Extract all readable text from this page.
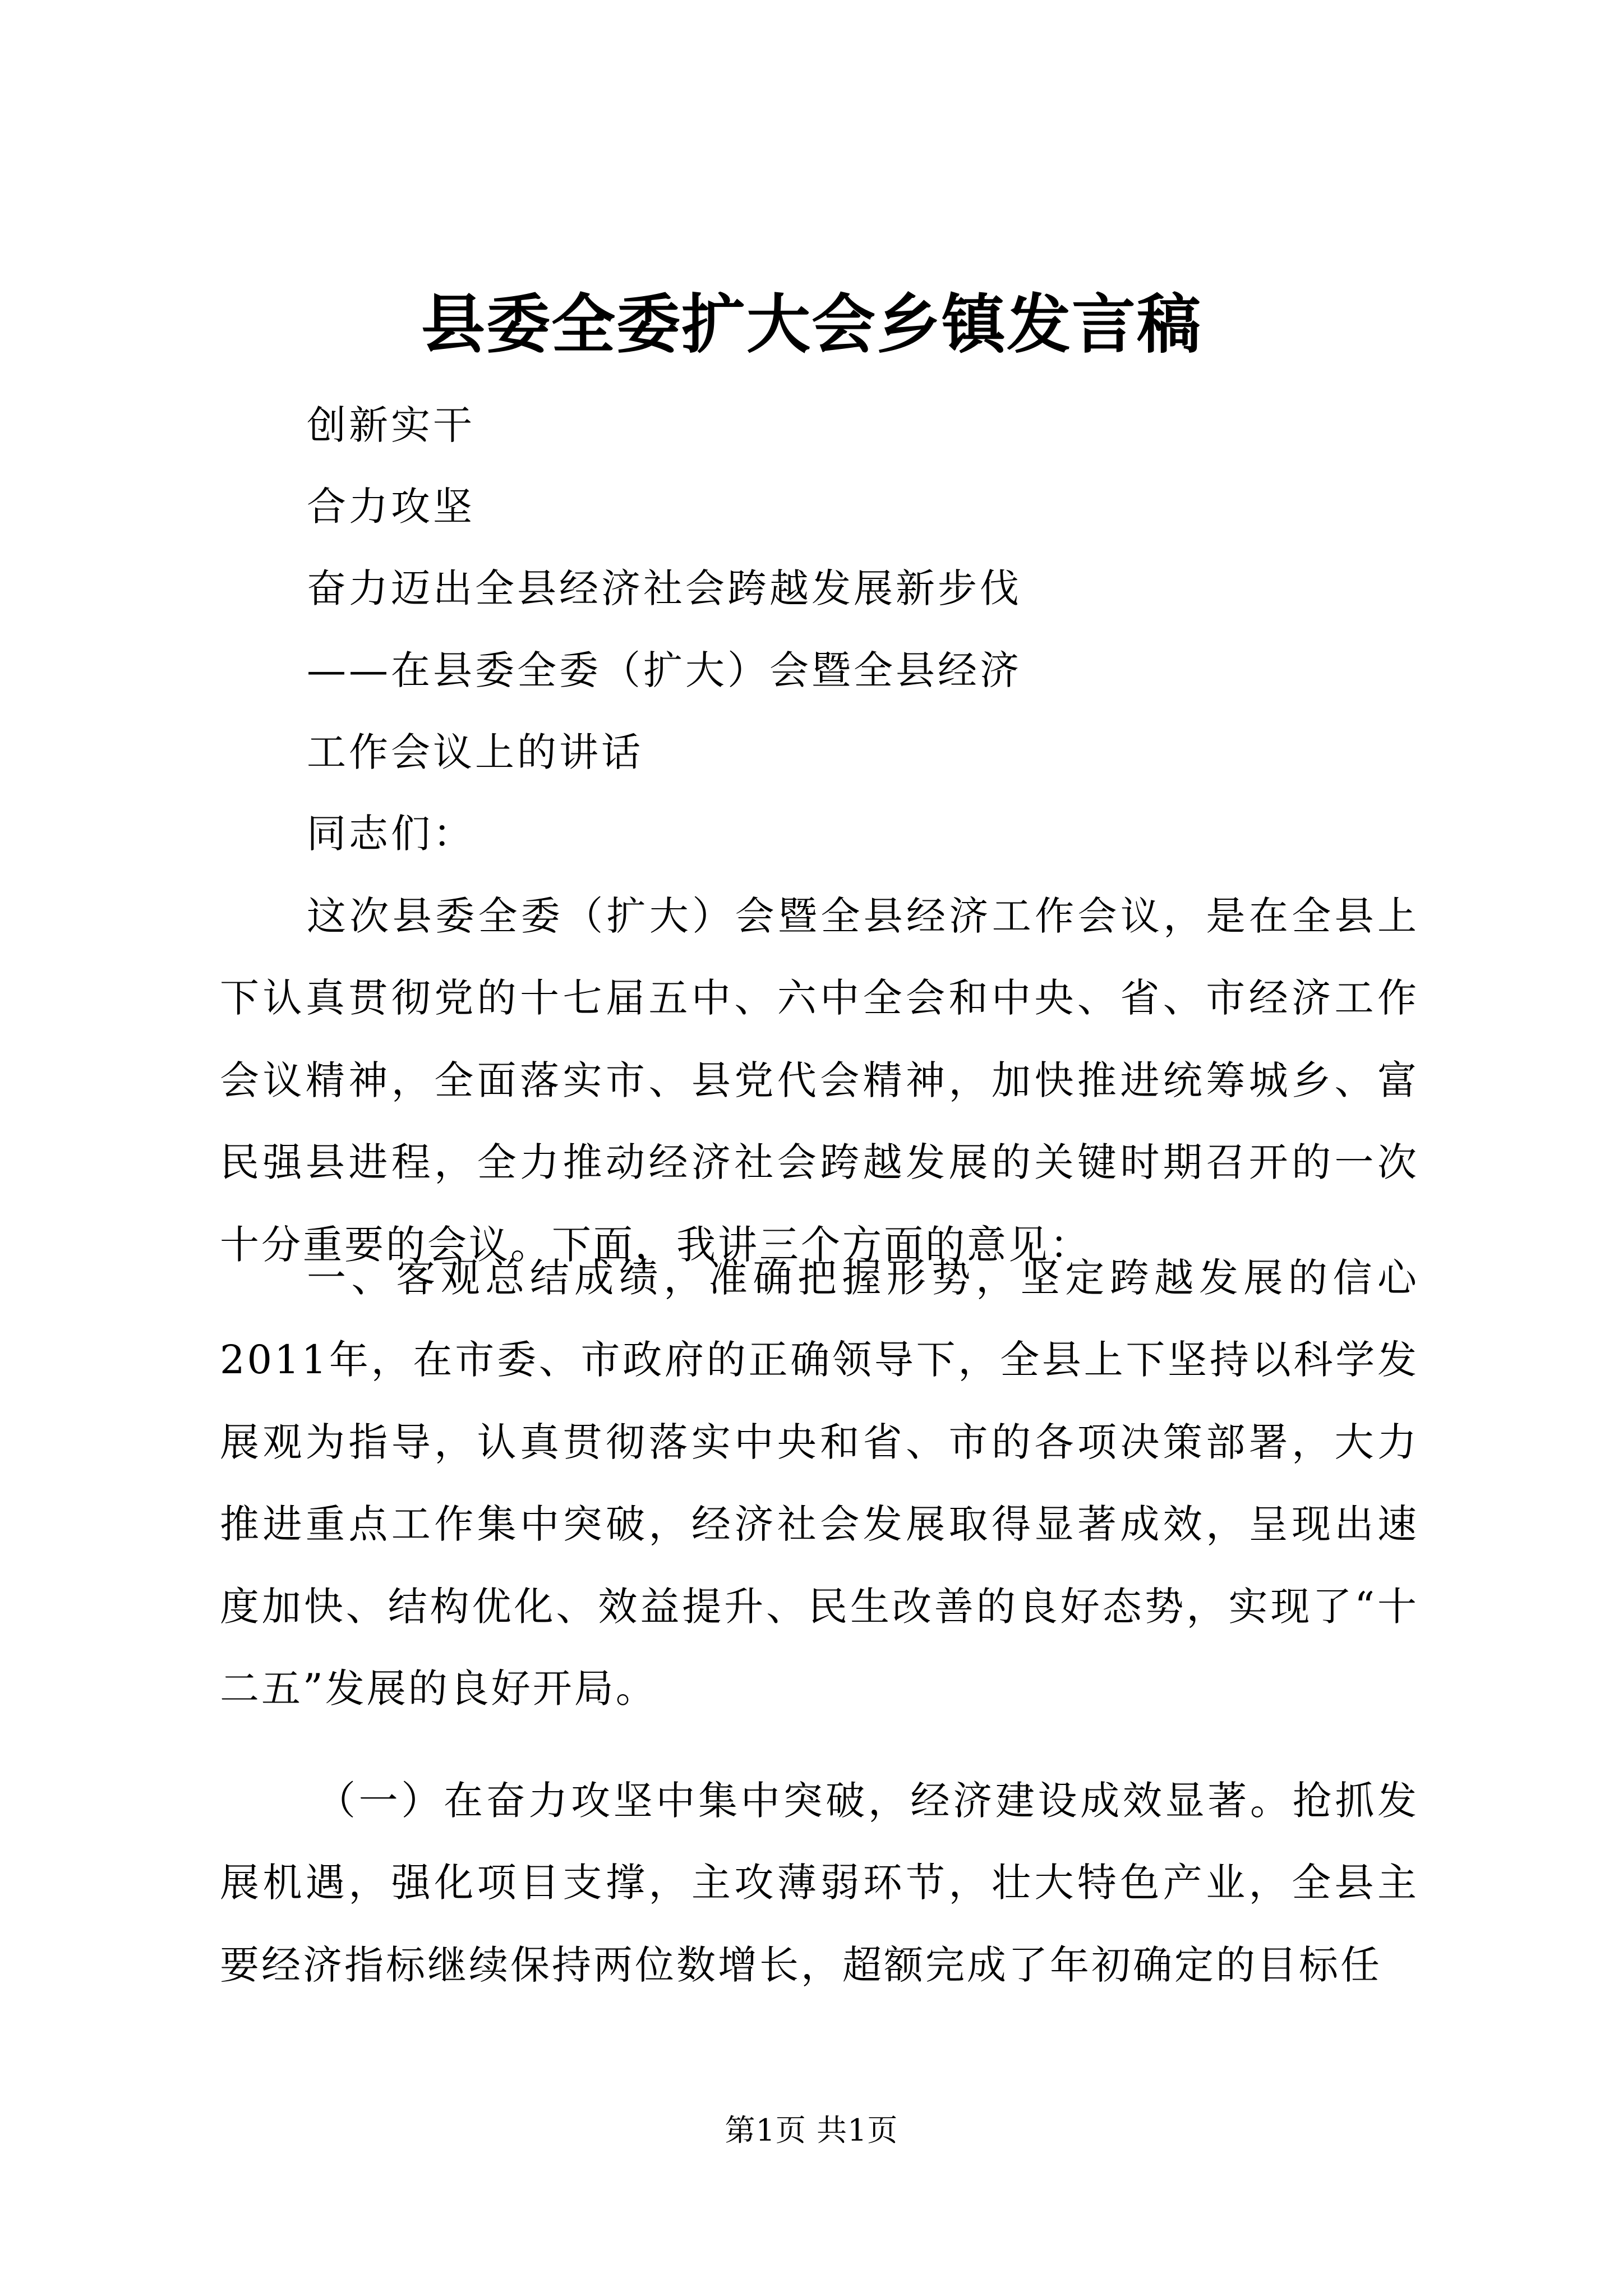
县委全委扩大会乡镇发言稿
创新实干
合力攻坚
奋力迈出全县经济社会跨越发展新步伐
——在县委全委（扩大）会暨全县经济
工作会议上的讲话
同志们：

这次县委全委（扩大）会暨全县经济工作会议，是在全县上下认真贯彻党的十七届五中、六中全会和中央、省、市经济工作会议精神，全面落实市、县党代会精神，加快推进统筹城乡、富民强县进程，全力推动经济社会跨越发展的关键时期召开的一次十分重要的会议。下面，我讲三个方面的意见：

一、客观总结成绩，准确把握形势，坚定跨越发展的信心2011年，在市委、市政府的正确领导下，全县上下坚持以科学发展观为指导，认真贯彻落实中央和省、市的各项决策部署，大力推进重点工作集中突破，经济社会发展取得显著成效，呈现出速度加快、结构优化、效益提升、民生改善的良好态势，实现了“十二五”发展的良好开局。

（一）在奋力攻坚中集中突破，经济建设成效显著。抢抓发展机遇，强化项目支撑，主攻薄弱环节，壮大特色产业，全县主要经济指标继续保持两位数增长，超额完成了年初确定的目标任

第1页 共1页
